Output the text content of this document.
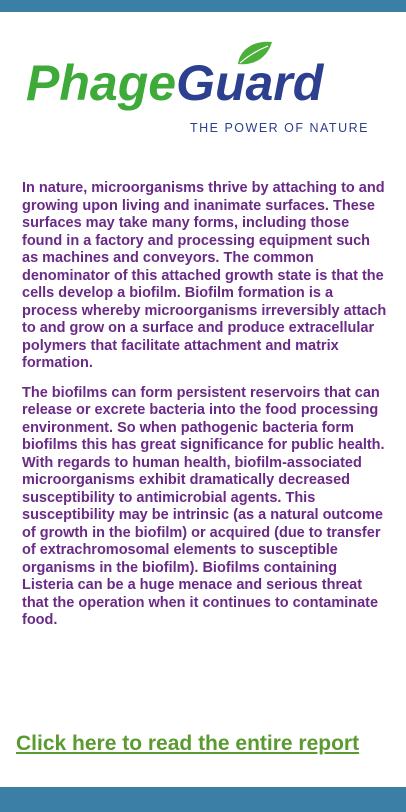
PhageGuard
THE POWER OF NATURE

In nature, microorganisms thrive by attaching to and growing upon living and inanimate surfaces. These surfaces may take many forms, including those found in a factory and processing equipment such as machines and conveyors. The common denominator of this attached growth state is that the cells develop a biofilm. Biofilm formation is a process whereby microorganisms irreversibly attach to and grow on a surface and produce extracellular polymers that facilitate attachment and matrix formation.

The biofilms can form persistent reservoirs that can release or excrete bacteria into the food processing environment. So when pathogenic bacteria form biofilms this has great significance for public health. With regards to human health, biofilm-associated microorganisms exhibit dramatically decreased susceptibility to antimicrobial agents. This susceptibility may be intrinsic (as a natural outcome of growth in the biofilm) or acquired (due to transfer of extrachromosomal elements to susceptible organisms in the biofilm). Biofilms containing Listeria can be a huge menace and serious threat that the operation when it continues to contaminate food.

Click here to read the entire report
